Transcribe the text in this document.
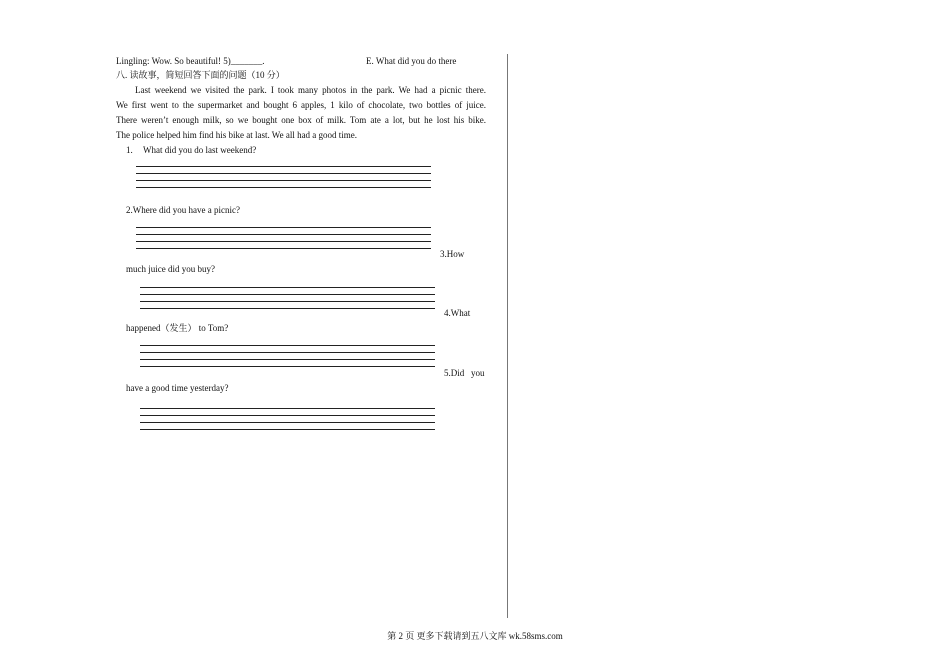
Lingling: Wow. So beautiful! 5)_______.	E. What did you do there
八. 读故事，简短回答下面的问题（10 分）

Last weekend we visited the park. I took many photos in the park. We had a picnic there.

We first went to the supermarket and bought 6 apples, 1 kilo of chocolate, two bottles of juice.

There weren’t enough milk, so we bought one box of milk. Tom ate a lot, but he lost his bike.

The police helped him find his bike at last. We all had a good time.

1. What did you do last weekend?
2.Where did you have a picnic?
3.How
much juice did you buy?
4.What
happened（发生） to Tom?
5.Did   you
have a good time yesterday?
第 2 页 更多下载请到五八文库 wk.58sms.com
